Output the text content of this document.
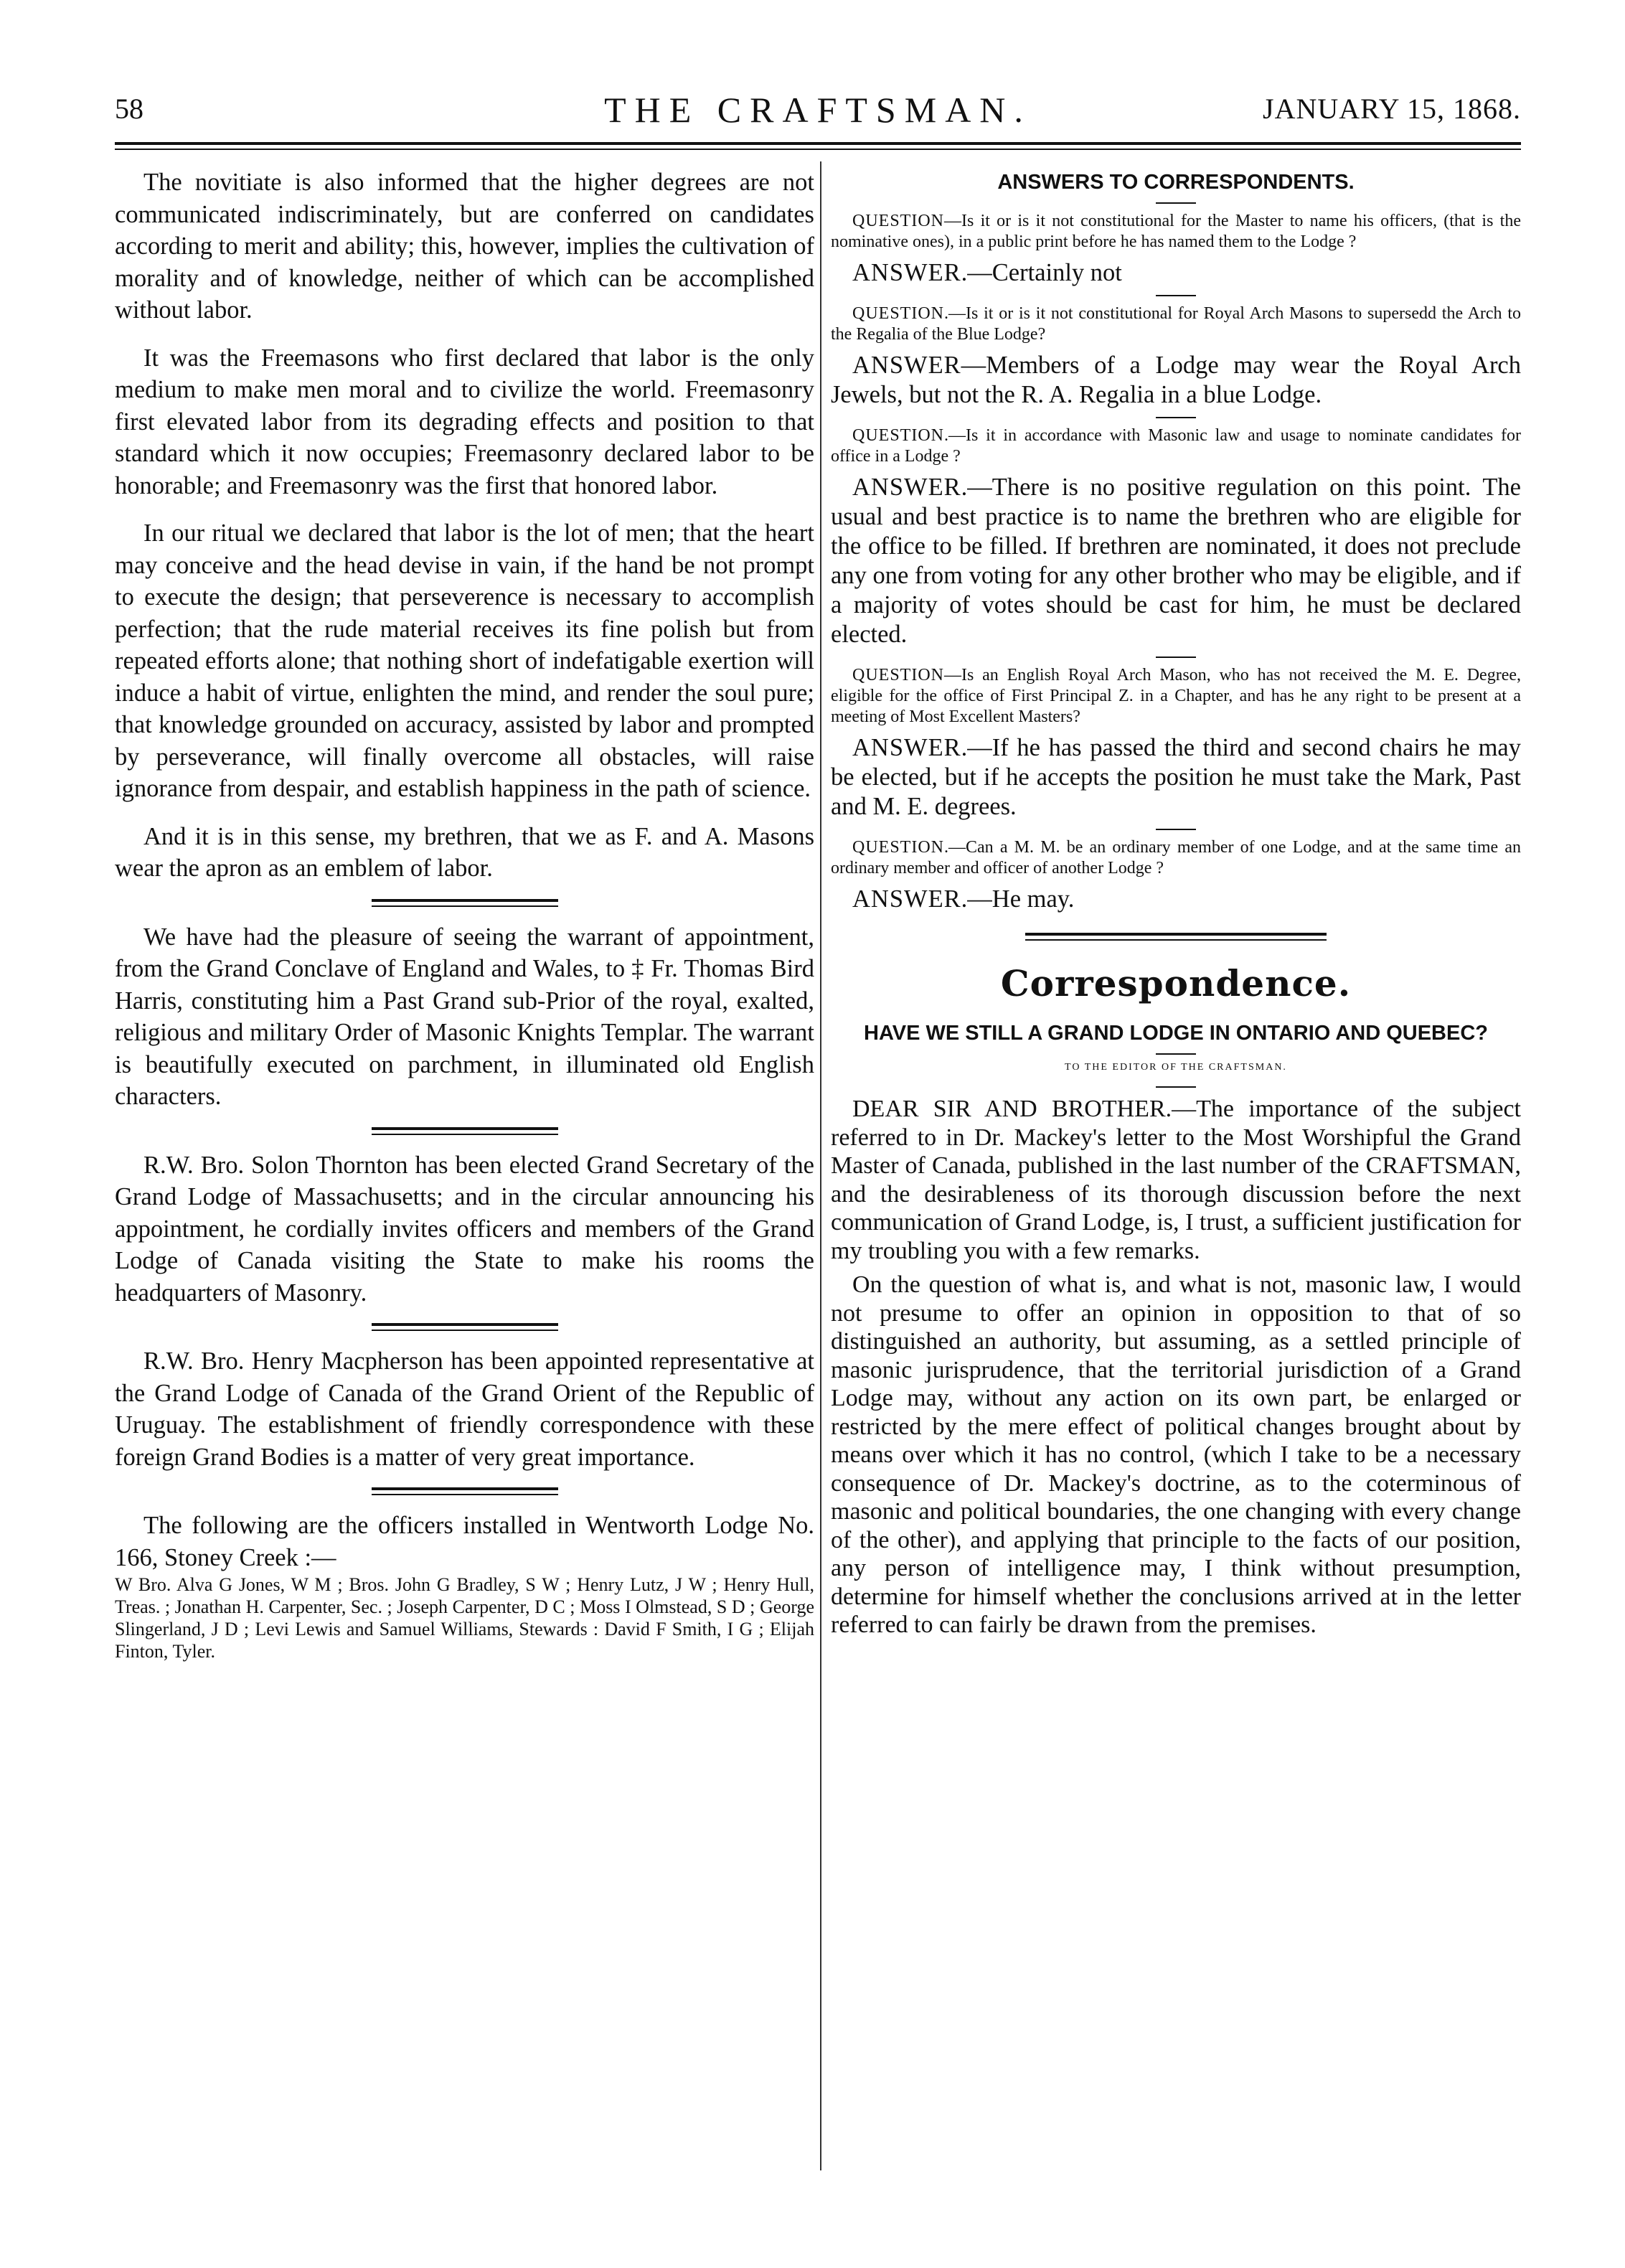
58	THE CRAFTSMAN.	JANUARY 15, 1868.

The novitiate is also informed that the higher degrees are not communicated indiscriminately, but are conferred on candidates according to merit and ability; this, however, implies the cultivation of morality and of knowledge, neither of which can be accomplished without labor.

It was the Freemasons who first declared that labor is the only medium to make men moral and to civilize the world. Freemasonry first elevated labor from its degrading effects and position to that standard which it now occupies; Freemasonry declared labor to be honorable; and Freemasonry was the first that honored labor.

In our ritual we declared that labor is the lot of men; that the heart may conceive and the head devise in vain, if the hand be not prompt to execute the design; that perseverence is necessary to accomplish perfection; that the rude material receives its fine polish but from repeated efforts alone; that nothing short of indefatigable exertion will induce a habit of virtue, enlighten the mind, and render the soul pure; that knowledge grounded on accuracy, assisted by labor and prompted by perseverance, will finally overcome all obstacles, will raise ignorance from despair, and establish happiness in the path of science.

And it is in this sense, my brethren, that we as F. and A. Masons wear the apron as an emblem of labor.

We have had the pleasure of seeing the warrant of appointment, from the Grand Conclave of England and Wales, to ‡ Fr. Thomas Bird Harris, constituting him a Past Grand sub-Prior of the royal, exalted, religious and military Order of Masonic Knights Templar. The warrant is beautifully executed on parchment, in illuminated old English characters.

R.W. Bro. Solon Thornton has been elected Grand Secretary of the Grand Lodge of Massachusetts; and in the circular announcing his appointment, he cordially invites officers and members of the Grand Lodge of Canada visiting the State to make his rooms the headquarters of Masonry.

R.W. Bro. Henry Macpherson has been appointed representative at the Grand Lodge of Canada of the Grand Orient of the Republic of Uruguay. The establishment of friendly correspondence with these foreign Grand Bodies is a matter of very great importance.

The following are the officers installed in Wentworth Lodge No. 166, Stoney Creek :—

W Bro. Alva G Jones, W M ; Bros. John G Bradley, S W ; Henry Lutz, J W ; Henry Hull, Treas. ; Jonathan H. Carpenter, Sec. ; Joseph Carpenter, D C ; Moss I Olmstead, S D ; George Slingerland, J D ; Levi Lewis and Samuel Williams, Stewards : David F Smith, I G ; Elijah Finton, Tyler.

ANSWERS TO CORRESPONDENTS.

QUESTION—Is it or is it not constitutional for the Master to name his officers, (that is the nominative ones), in a public print before he has named them to the Lodge ?

ANSWER.—Certainly not

QUESTION.—Is it or is it not constitutional for Royal Arch Masons to supersedd the Arch to the Regalia of the Blue Lodge?

ANSWER—Members of a Lodge may wear the Royal Arch Jewels, but not the R. A. Regalia in a blue Lodge.

QUESTION.—Is it in accordance with Masonic law and usage to nominate candidates for office in a Lodge ?

ANSWER.—There is no positive regulation on this point. The usual and best practice is to name the brethren who are eligible for the office to be filled. If brethren are nominated, it does not preclude any one from voting for any other brother who may be eligible, and if a majority of votes should be cast for him, he must be declared elected.

QUESTION—Is an English Royal Arch Mason, who has not received the M. E. Degree, eligible for the office of First Principal Z. in a Chapter, and has he any right to be present at a meeting of Most Excellent Masters?

ANSWER.—If he has passed the third and second chairs he may be elected, but if he accepts the position he must take the Mark, Past and M. E. degrees.

QUESTION.—Can a M. M. be an ordinary member of one Lodge, and at the same time an ordinary member and officer of another Lodge ?

ANSWER.—He may.

Correspondence.
HAVE WE STILL A GRAND LODGE IN ONTARIO AND QUEBEC?
TO THE EDITOR OF THE CRAFTSMAN.

DEAR SIR AND BROTHER.—The importance of the subject referred to in Dr. Mackey's letter to the Most Worshipful the Grand Master of Canada, published in the last number of the CRAFTSMAN, and the desirableness of its thorough discussion before the next communication of Grand Lodge, is, I trust, a sufficient justification for my troubling you with a few remarks.

On the question of what is, and what is not, masonic law, I would not presume to offer an opinion in opposition to that of so distinguished an authority, but assuming, as a settled principle of masonic jurisprudence, that the territorial jurisdiction of a Grand Lodge may, without any action on its own part, be enlarged or restricted by the mere effect of political changes brought about by means over which it has no control, (which I take to be a necessary consequence of Dr. Mackey's doctrine, as to the coterminous of masonic and political boundaries, the one changing with every change of the other), and applying that principle to the facts of our position, any person of intelligence may, I think without presumption, determine for himself whether the conclusions arrived at in the letter referred to can fairly be drawn from the premises.
